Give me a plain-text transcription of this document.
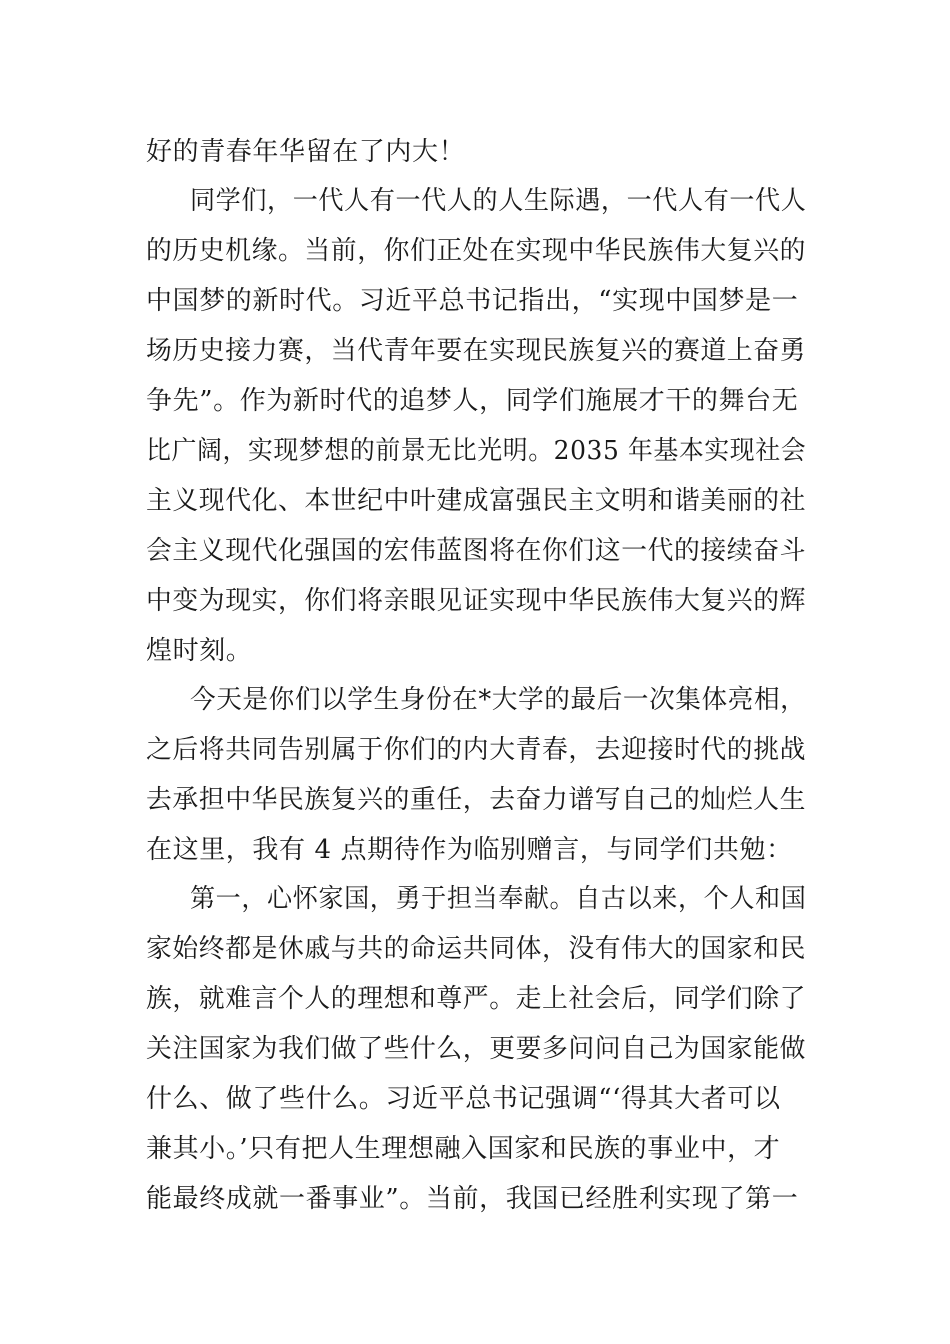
好的青春年华留在了内大！
同学们，一代人有一代人的人生际遇，一代人有一代人
的历史机缘。当前，你们正处在实现中华民族伟大复兴的
中国梦的新时代。习近平总书记指出，“实现中国梦是一
场历史接力赛，当代青年要在实现民族复兴的赛道上奋勇
争先”。作为新时代的追梦人，同学们施展才干的舞台无
比广阔，实现梦想的前景无比光明。2035 年基本实现社会
主义现代化、本世纪中叶建成富强民主文明和谐美丽的社
会主义现代化强国的宏伟蓝图将在你们这一代的接续奋斗
中变为现实，你们将亲眼见证实现中华民族伟大复兴的辉
煌时刻。
今天是你们以学生身份在*大学的最后一次集体亮相，
之后将共同告别属于你们的内大青春，去迎接时代的挑战
去承担中华民族复兴的重任，去奋力谱写自己的灿烂人生
在这里，我有 4 点期待作为临别赠言，与同学们共勉：
第一，心怀家国，勇于担当奉献。自古以来，个人和国
家始终都是休戚与共的命运共同体，没有伟大的国家和民
族，就难言个人的理想和尊严。走上社会后，同学们除了
关注国家为我们做了些什么，更要多问问自己为国家能做
什么、做了些什么。习近平总书记强调“‘得其大者可以
兼其小。’只有把人生理想融入国家和民族的事业中，才
能最终成就一番事业”。当前，我国已经胜利实现了第一
